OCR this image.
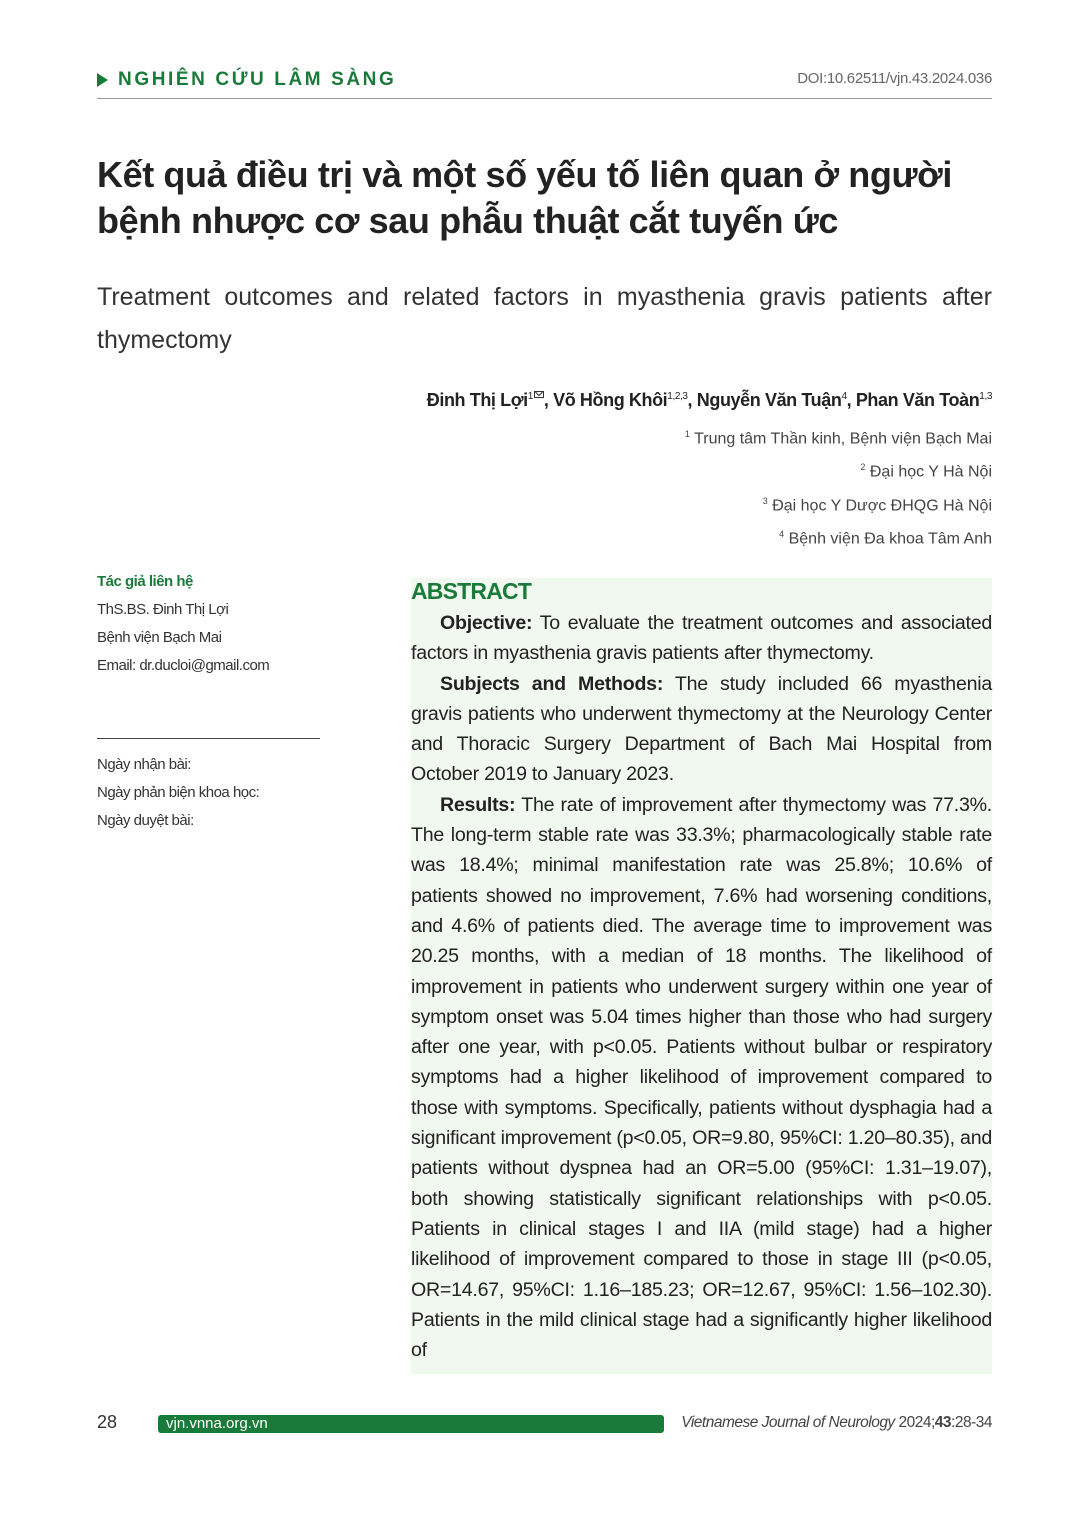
NGHIÊN CỨU LÂM SÀNG	DOI:10.62511/vjn.43.2024.036
Kết quả điều trị và một số yếu tố liên quan ở người bệnh nhược cơ sau phẫu thuật cắt tuyến ức
Treatment outcomes and related factors in myasthenia gravis patients after thymectomy
Đinh Thị Lợi$^1$ , Võ Hồng Khôi$^{1,2,3}$, Nguyễn Văn Tuận$^4$, Phan Văn Toàn$^{1,3}$
$^1$ Trung tâm Thần kinh, Bệnh viện Bạch Mai
$^2$ Đại học Y Hà Nội
$^3$ Đại học Y Dược ĐHQG Hà Nội
$^4$ Bệnh viện Đa khoa Tâm Anh

Tác giả liên hệ

ThS.BS. Đinh Thị Lợi

Bệnh viện Bạch Mai

Email: dr.ducloi@gmail.com

Ngày nhận bài:

Ngày phản biện khoa học:

Ngày duyệt bài:

ABSTRACT

Objective: To evaluate the treatment outcomes and associated factors in myasthenia gravis patients after thymectomy.

Subjects and Methods: The study included 66 myasthenia gravis patients who underwent thymectomy at the Neurology Center and Thoracic Surgery Department of Bach Mai Hospital from October 2019 to January 2023.

Results: The rate of improvement after thymectomy was 77.3%. The long-term stable rate was 33.3%; pharmacologically stable rate was 18.4%; minimal manifestation rate was 25.8%; 10.6% of patients showed no improvement, 7.6% had worsening conditions, and 4.6% of patients died. The average time to improvement was 20.25 months, with a median of 18 months. The likelihood of improvement in patients who underwent surgery within one year of symptom onset was 5.04 times higher than those who had surgery after one year, with p<0.05. Patients without bulbar or respiratory symptoms had a higher likelihood of improvement compared to those with symptoms. Specifically, patients without dysphagia had a significant improvement (p<0.05, OR=9.80, 95%CI: 1.20–80.35), and patients without dyspnea had an OR=5.00 (95%CI: 1.31–19.07), both showing statistically significant relationships with p<0.05. Patients in clinical stages I and IIA (mild stage) had a higher likelihood of improvement compared to those in stage III (p<0.05, OR=14.67, 95%CI: 1.16–185.23; OR=12.67, 95%CI: 1.56–102.30). Patients in the mild clinical stage had a significantly higher likelihood of

28	vjn.vnna.org.vn	Vietnamese Journal of Neurology 2024;43:28-34
